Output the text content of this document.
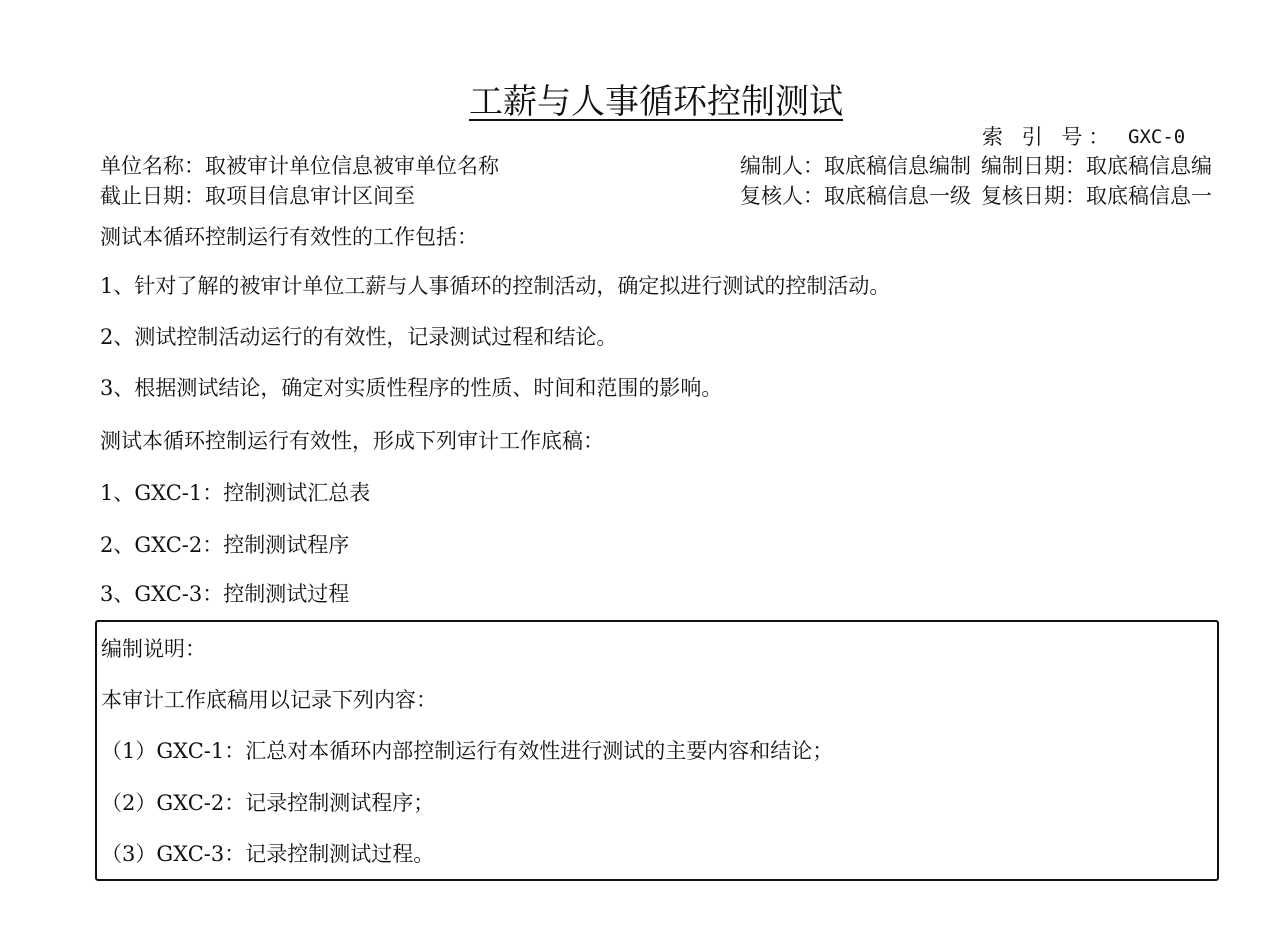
工薪与人事循环控制测试
索 引 号： GXC-0
单位名称：取被审计单位信息被审单位名称	编制人：取底稿信息编制 编制日期：取底稿信息编
截止日期：取项目信息审计区间至	复核人：取底稿信息一级 复核日期：取底稿信息一
测试本循环控制运行有效性的工作包括：
1、针对了解的被审计单位工薪与人事循环的控制活动，确定拟进行测试的控制活动。
2、测试控制活动运行的有效性，记录测试过程和结论。
3、根据测试结论，确定对实质性程序的性质、时间和范围的影响。
测试本循环控制运行有效性，形成下列审计工作底稿：
1、GXC-1：控制测试汇总表
2、GXC-2：控制测试程序
3、GXC-3：控制测试过程
编制说明：
本审计工作底稿用以记录下列内容：
（1）GXC-1：汇总对本循环内部控制运行有效性进行测试的主要内容和结论；
（2）GXC-2：记录控制测试程序；
（3）GXC-3：记录控制测试过程。
